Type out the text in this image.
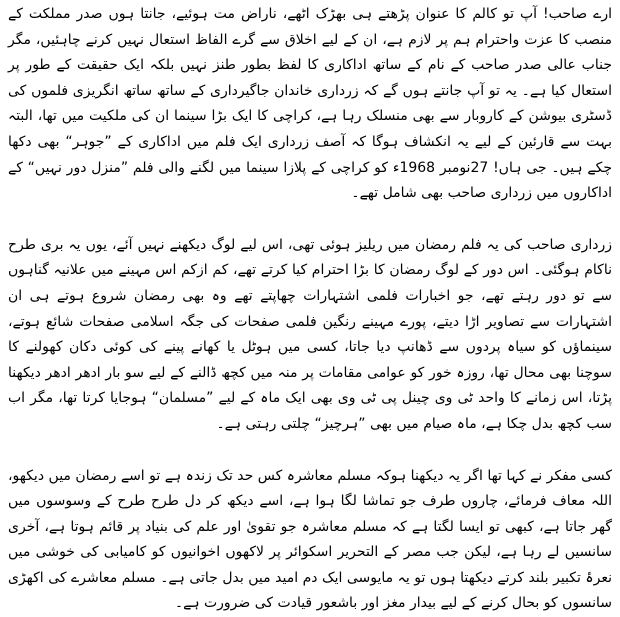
ارے صاحب! آپ تو کالم کا عنوان پڑھتے ہی بھڑک اٹھے، ناراض مت ہوئیے، جانتا ہوں صدر مملکت کے منصب کا عزت واحترام ہم پر لازم ہے، ان کے لیے اخلاق سے گرے الفاظ استعال نہیں کرنے چاہئیں، مگر جناب عالی صدر صاحب کے نام کے ساتھ اداکاری کا لفظ بطور طنز نہیں بلکہ ایک حقیقت کے طور پر استعال کیا ہے۔ یہ تو آپ جانتے ہوں گے کہ زرداری خاندان جاگیرداری کے ساتھ ساتھ انگریزی فلموں کی ڈسٹری بیوشن کے کاروبار سے بھی منسلک رہا ہے، کراچی کا ایک بڑا سینما ان کی ملکیت میں تھا، البتہ بہت سے قارئین کے لیے یہ انکشاف ہوگا کہ آصف زرداری ایک فلم میں اداکاری کے ”جوہر“ بھی دکھا چکے ہیں۔ جی ہاں! 27نومبر 1968ء کو کراچی کے پلازا سینما میں لگنے والی فلم ”منزل دور نہیں“ کے اداکاروں میں زرداری صاحب بھی شامل تھے۔

زرداری صاحب کی یہ فلم رمضان میں ریلیز ہوئی تھی، اس لیے لوگ دیکھنے نہیں آئے، یوں یہ بری طرح ناکام ہوگئی۔ اس دور کے لوگ رمضان کا بڑا احترام کیا کرتے تھے، کم ازکم اس مہینے میں علانیہ گناہوں سے تو دور رہتے تھے، جو اخبارات فلمی اشتہارات چھاپتے تھے وہ بھی رمضان شروع ہوتے ہی ان اشتہارات سے تصاویر اڑا دیتے، پورے مہینے رنگین فلمی صفحات کی جگہ اسلامی صفحات شائع ہوتے، سینماؤں کو سیاہ پردوں سے ڈھانپ دیا جاتا، کسی میں ہوٹل یا کھانے پینے کی کوئی دکان کھولنے کا سوچنا بھی محال تھا، روزہ خور کو عوامی مقامات پر منہ میں کچھ ڈالنے کے لیے سو بار ادھر ادھر دیکھنا پڑتا، اس زمانے کا واحد ٹی وی چینل پی ٹی وی بھی ایک ماہ کے لیے ”مسلمان“ ہوجایا کرتا تھا، مگر اب سب کچھ بدل چکا ہے، ماہ صیام میں بھی ”ہرچیز“ چلتی رہتی ہے۔

کسی مفکر نے کہا تھا اگر یہ دیکھنا ہوکہ مسلم معاشرہ کس حد تک زندہ ہے تو اسے رمضان میں دیکھو، اللہ معاف فرمائے، چاروں طرف جو تماشا لگا ہوا ہے، اسے دیکھ کر دل طرح طرح کے وسوسوں میں گھر جاتا ہے، کبھی تو ایسا لگتا ہے کہ مسلم معاشرہ جو تقویٰ اور علم کی بنیاد پر قائم ہوتا ہے، آخری سانسیں لے رہا ہے، لیکن جب مصر کے التحریر اسکوائر پر لاکھوں اخوانیوں کو کامیابی کی خوشی میں نعرۂ تکبیر بلند کرتے دیکھتا ہوں تو یہ مایوسی ایک دم امید میں بدل جاتی ہے۔ مسلم معاشرے کی اکھڑی سانسوں کو بحال کرنے کے لیے بیدار مغز اور باشعور قیادت کی ضرورت ہے۔
